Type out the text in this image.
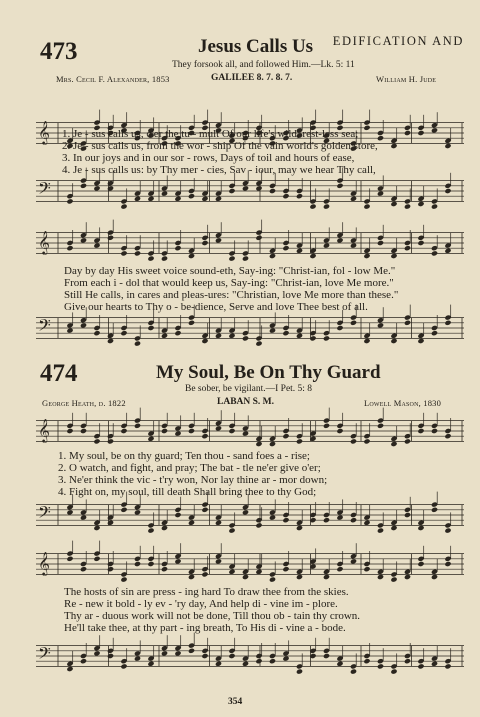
EDIFICATION AND
473	Jesus Calls Us
They forsook all, and followed Him.—Lk. 5: 11
Mrs. Cecil F. Alexander, 1853	GALILEE 8. 7. 8. 7.	William H. Jude
𝄞 1. Je - sus calls us, o'er the tu - mult Of our life's wild, rest-less sea;
2. Je - sus calls us, from the wor - ship Of the vain world's golden store,
3. In our joys and in our sor - rows, Days of toil and hours of ease,
4. Je - sus calls us: by Thy mer - cies, Sav - iour, may we hear Thy call,
𝄢
𝄞
Day by day His sweet voice sound-eth, Say-ing: "Christ-ian, fol - low Me."
From each i - dol that would keep us, Say-ing: "Christ-ian, love Me more."
Still He calls, in cares and pleas-ures: "Christian, love Me more than these."
Give our hearts to Thy o - be-dience, Serve and love Thee best of all.
𝄢
474	My Soul, Be On Thy Guard
Be sober, be vigilant.—I Pet. 5: 8
George Heath, d. 1822	LABAN S. M.	Lowell Mason, 1830
𝄞
1. My soul, be on thy guard; Ten thou - sand foes a - rise;
2. O watch, and fight, and pray; The bat - tle ne'er give o'er;
3. Ne'er think the vic - t'ry won, Nor lay thine ar - mor down;
4. Fight on, my soul, till death Shall bring thee to thy God;
𝄢
𝄞
The hosts of sin are press - ing hard To draw thee from the skies.
Re - new it bold - ly ev - 'ry day, And help di - vine im - plore.
Thy ar - duous work will not be done, Till thou ob - tain thy crown.
He'll take thee, at thy part - ing breath, To His di - vine a - bode.
𝄢
354
